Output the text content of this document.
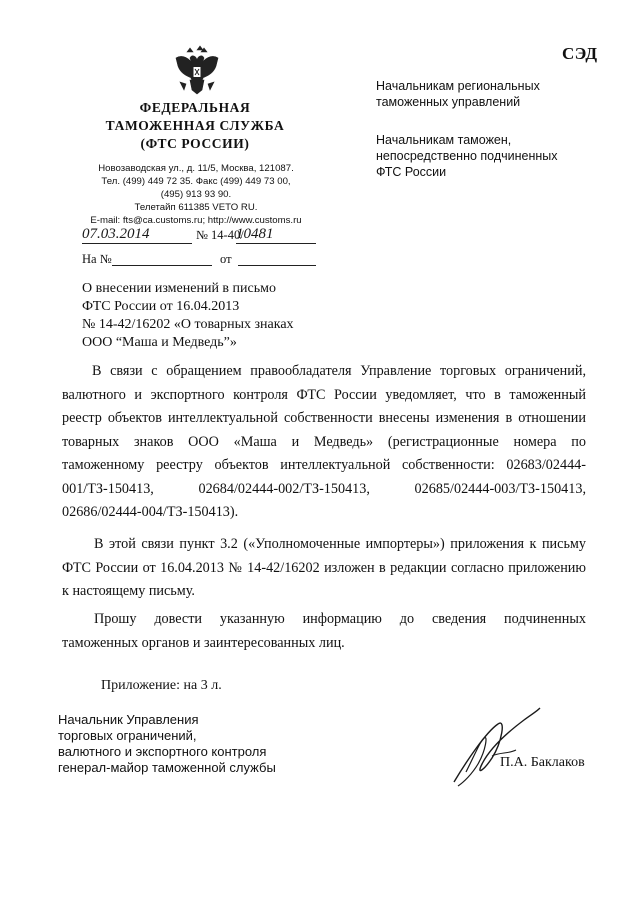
СЭД
ФЕДЕРАЛЬНАЯ
ТАМОЖЕННАЯ СЛУЖБА
(ФТС РОССИИ)
Новозаводская ул., д. 11/5, Москва, 121087.
Тел. (499) 449 72 35. Факс (499) 449 73 00,
(495) 913 93 90.
Телетайп 611385 VETO RU.
E-mail: fts@ca.customs.ru; http://www.customs.ru
07.03.2014	№ 14-40/
10481
На №	от
Начальникам региональных
таможенных управлений
Начальникам таможен,
непосредственно подчиненных
ФТС России
О внесении изменений в письмо
ФТС России от 16.04.2013
№ 14-42/16202 «О товарных знаках
ООО “Маша и Медведь”»
В связи с обращением правообладателя Управление торговых ограничений,
валютного и экспортного контроля ФТС России уведомляет, что в таможенный
реестр объектов интеллектуальной собственности внесены изменения в отношении
товарных знаков ООО «Маша и Медведь» (регистрационные номера по
таможенному реестру объектов интеллектуальной собственности: 02683/02444-
001/ТЗ-150413, 02684/02444-002/ТЗ-150413, 02685/02444-003/ТЗ-150413,
02686/02444-004/ТЗ-150413).
В этой связи пункт 3.2 («Уполномоченные импортеры») приложения к письму
ФТС России от 16.04.2013 № 14-42/16202 изложен в редакции согласно приложению
к настоящему письму.
Прошу довести указанную информацию до сведения подчиненных
таможенных органов и заинтересованных лиц.
Приложение: на 3 л.
Начальник Управления
торговых ограничений,
валютного и экспортного контроля
генерал-майор таможенной службы	П.А. Баклаков
